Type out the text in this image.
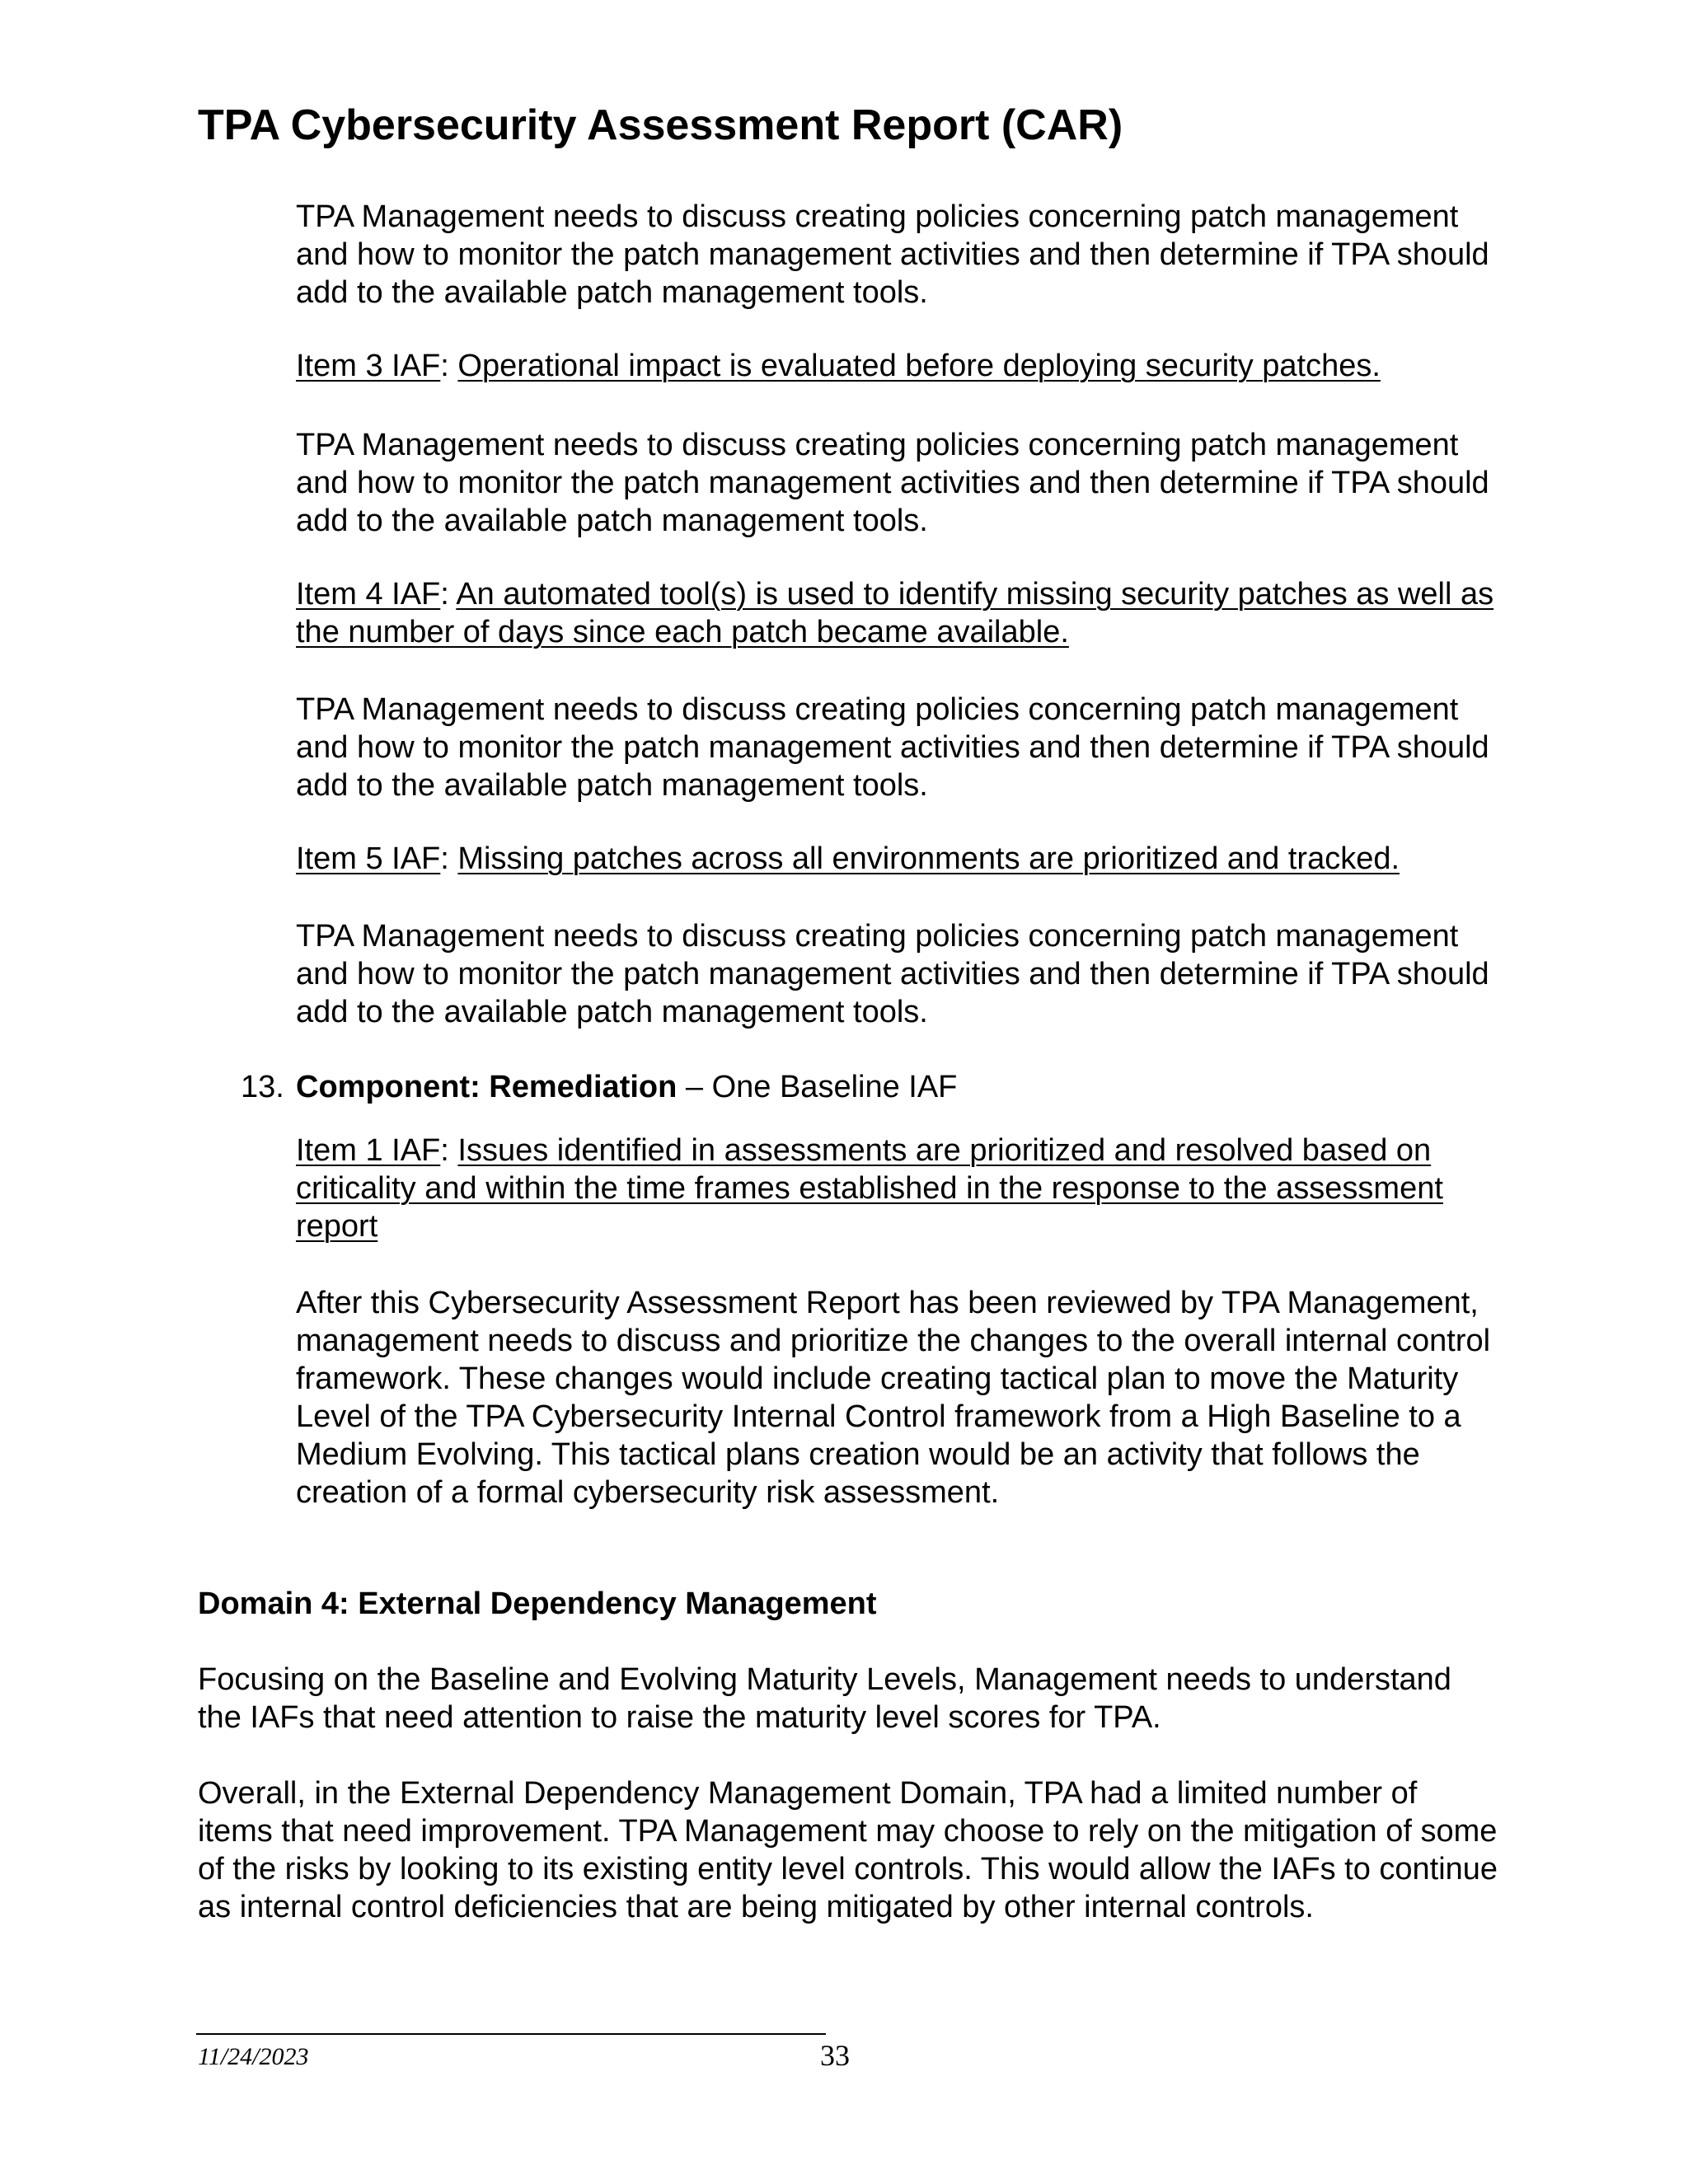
TPA Cybersecurity Assessment Report (CAR)

TPA Management needs to discuss creating policies concerning patch management and how to monitor the patch management activities and then determine if TPA should add to the available patch management tools.

Item 3 IAF: Operational impact is evaluated before deploying security patches.

TPA Management needs to discuss creating policies concerning patch management and how to monitor the patch management activities and then determine if TPA should add to the available patch management tools.

Item 4 IAF: An automated tool(s) is used to identify missing security patches as well as the number of days since each patch became available.

TPA Management needs to discuss creating policies concerning patch management and how to monitor the patch management activities and then determine if TPA should add to the available patch management tools.

Item 5 IAF: Missing patches across all environments are prioritized and tracked.

TPA Management needs to discuss creating policies concerning patch management and how to monitor the patch management activities and then determine if TPA should add to the available patch management tools.

13. Component: Remediation – One Baseline IAF

Item 1 IAF: Issues identified in assessments are prioritized and resolved based on criticality and within the time frames established in the response to the assessment report

After this Cybersecurity Assessment Report has been reviewed by TPA Management, management needs to discuss and prioritize the changes to the overall internal control framework. These changes would include creating tactical plan to move the Maturity Level of the TPA Cybersecurity Internal Control framework from a High Baseline to a Medium Evolving. This tactical plans creation would be an activity that follows the creation of a formal cybersecurity risk assessment.

Domain 4: External Dependency Management

Focusing on the Baseline and Evolving Maturity Levels, Management needs to understand the IAFs that need attention to raise the maturity level scores for TPA.

Overall, in the External Dependency Management Domain, TPA had a limited number of items that need improvement. TPA Management may choose to rely on the mitigation of some of the risks by looking to its existing entity level controls. This would allow the IAFs to continue as internal control deficiencies that are being mitigated by other internal controls.

11/24/2023	33
